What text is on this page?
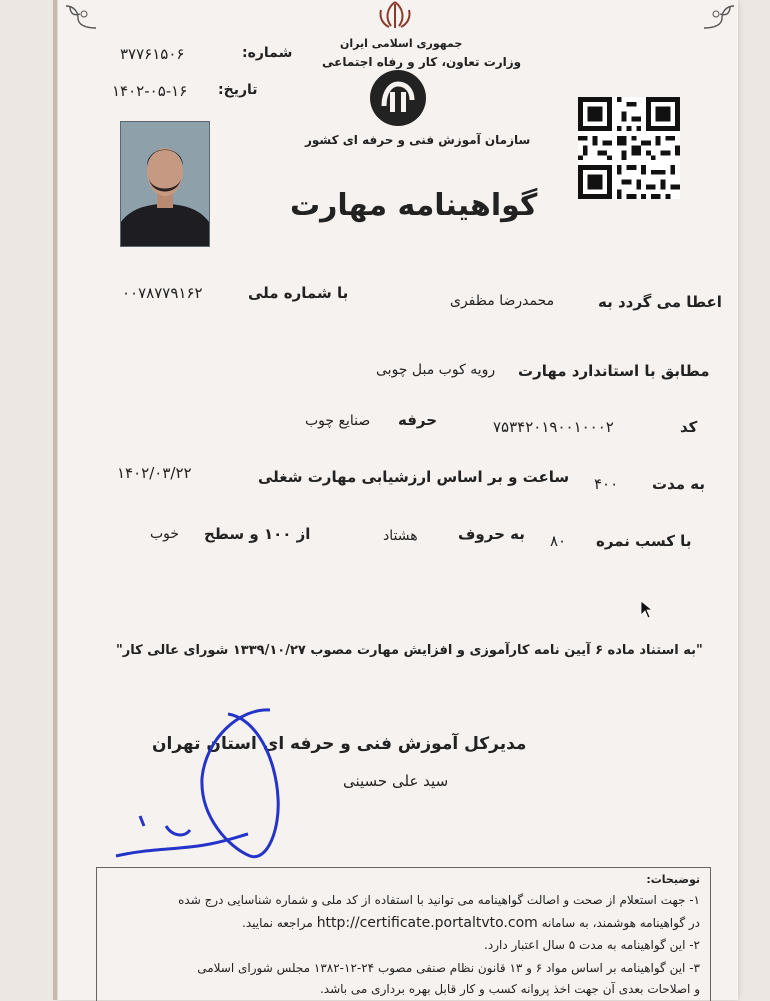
جمهوری اسلامی ایران
وزارت تعاون، کار و رفاه اجتماعی
شماره:
۳۷۷۶۱۵۰۶
تاریخ:
۱۴۰۲-۰۵-۱۶
سازمان آموزش فنی و حرفه ای کشور
گواهینامه مهارت
اعطا می گردد به
محمدرضا مظفری
با شماره ملی
۰۰۷۸۷۷۹۱۶۲
مطابق با استاندارد مهارت
رویه کوب مبل چوبی
کد
۷۵۳۴۲۰۱۹۰۰۱۰۰۰۲
حرفه
صنایع چوب
به مدت
۴۰۰
ساعت و بر اساس ارزشیابی مهارت شغلی
۱۴۰۲/۰۳/۲۲
با کسب نمره
۸۰
به حروف
هشتاد
از ۱۰۰ و سطح
خوب
"به استناد ماده ۶ آیین نامه کارآموزی و افزایش مهارت مصوب ۱۳۳۹/۱۰/۲۷ شورای عالی کار"
مدیرکل آموزش فنی و حرفه ای استان تهران
سید علی حسینی
توضیحات:
۱- جهت استعلام از صحت و اصالت گواهینامه می توانید با استفاده از کد ملی و شماره شناسایی درج شده
در گواهینامه هوشمند، به سامانه http://certificate.portaltvto.com مراجعه نمایید.
۲- این گواهینامه به مدت ۵ سال اعتبار دارد.
۳- این گواهینامه بر اساس مواد ۶ و ۱۳ قانون نظام صنفی مصوب ۲۴-۱۲-۱۳۸۲ مجلس شورای اسلامی
و اصلاحات بعدی آن جهت اخذ پروانه کسب و کار قابل بهره برداری می باشد.
